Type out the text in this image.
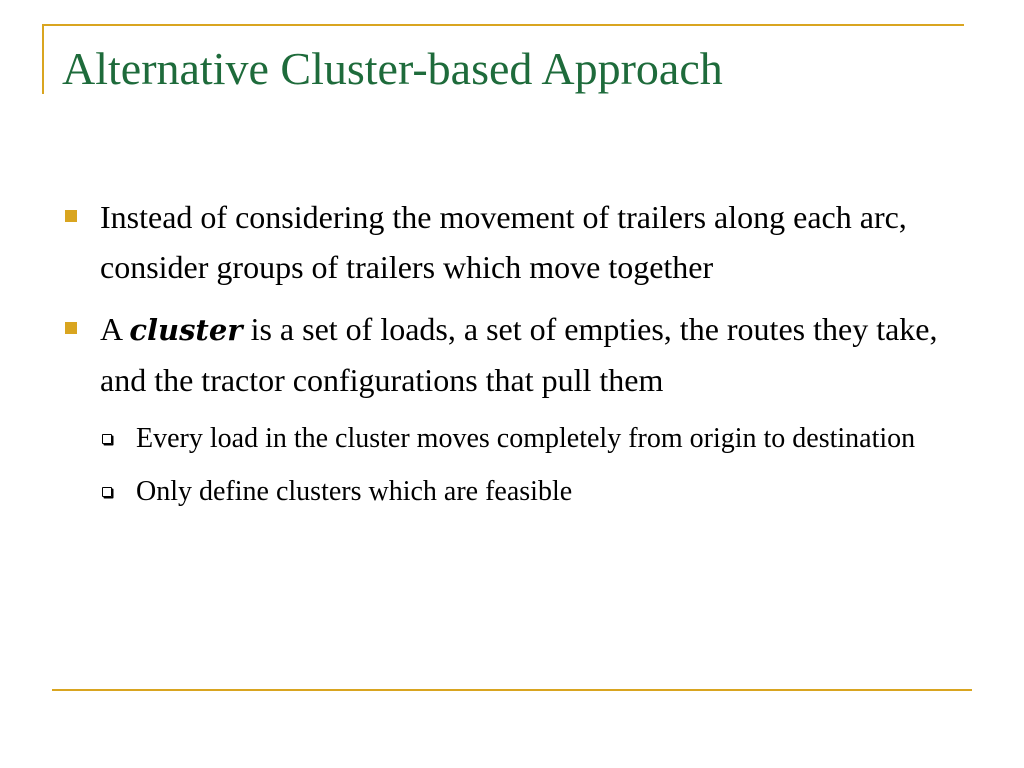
Alternative Cluster-based Approach
Instead of considering the movement of trailers along each arc, consider groups of trailers which move together
A cluster is a set of loads, a set of empties, the routes they take, and the tractor configurations that pull them
Every load in the cluster moves completely from origin to destination
Only define clusters which are feasible
